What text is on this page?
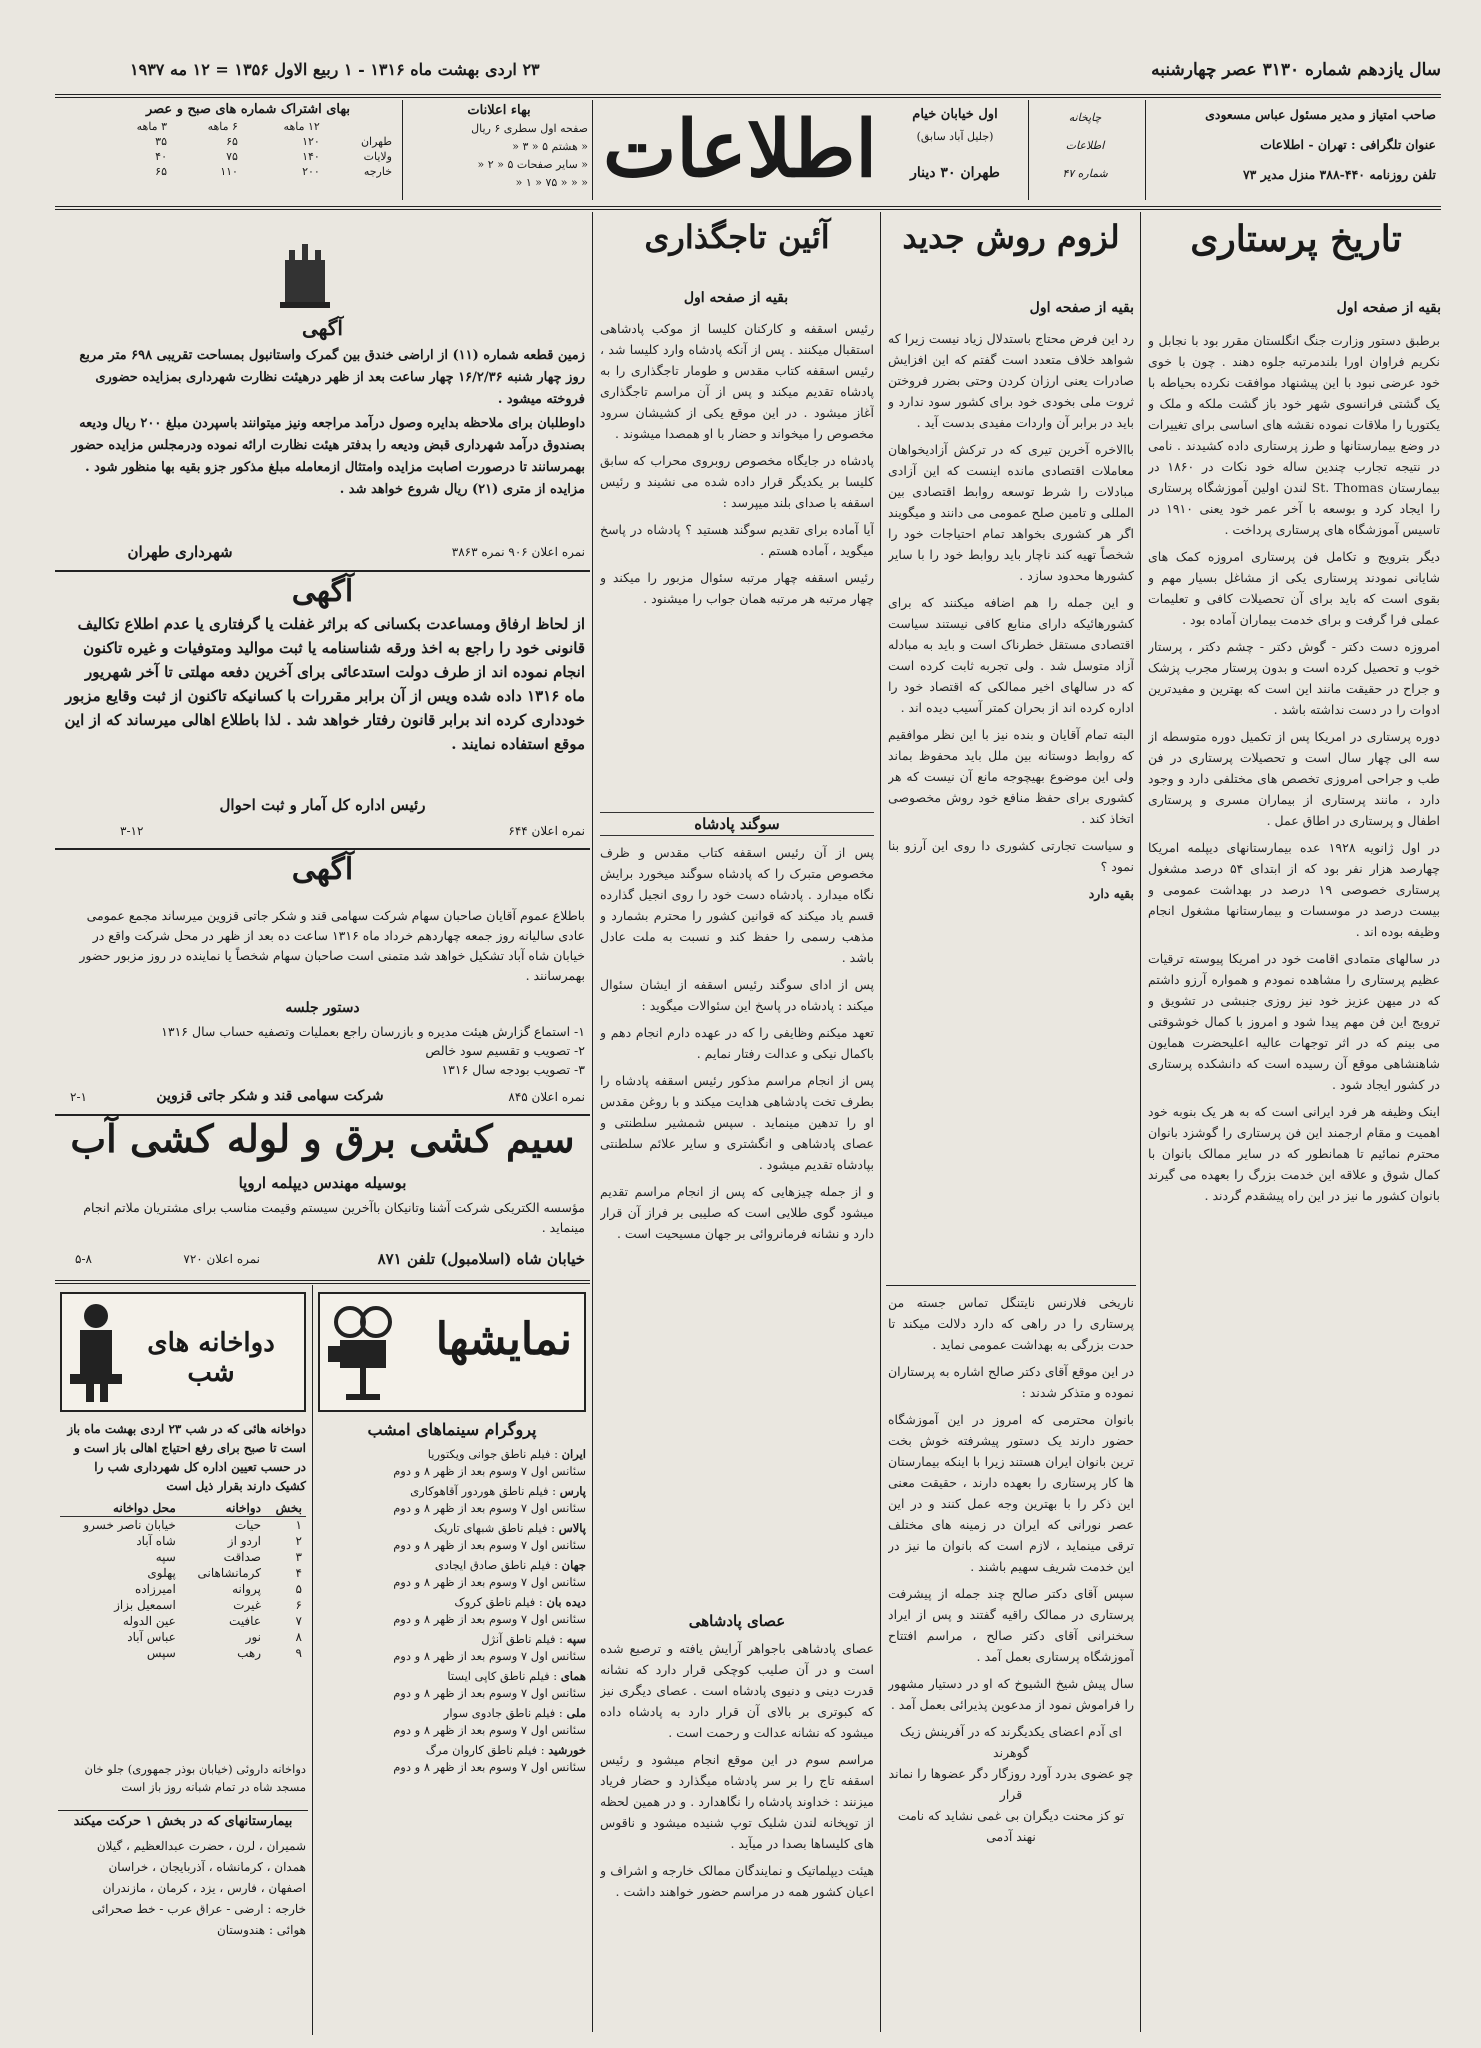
سال یازدهم شماره ۳۱۳۰ عصر چهارشنبه
۲۳ اردی بهشت ماه ۱۳۱۶ - ۱ ربیع الاول ۱۳۵۶ = ۱۲ مه ۱۹۳۷
صاحب امتیاز و مدیر مسئول عباس مسعودی
عنوان تلگرافی : تهران - اطلاعات
تلفن روزنامه ۴۴۰-۳۸۸ منزل مدیر ۷۳
چاپخانه
اطلاعات
شماره ۴۷
اول خیابان خیام
(جلیل آباد سابق)
طهران ۳۰ دینار
اطلاعات
بهاء اعلانات
صفحه اول سطری ۶ ریال
« هشتم ۵ « ۳ «
« سایر صفحات ۵ « ۲ «
« « « ۷۵ « ۱ «
بهای اشتراک شماره های صبح و عصر
	۱۲ ماهه	۶ ماهه	۳ ماهه
طهران	۱۲۰	۶۵	۳۵
ولایات	۱۴۰	۷۵	۴۰
خارجه	۲۰۰	۱۱۰	۶۵
تاریخ پرستاری
بقیه از صفحه اول

برطبق دستور وزارت جنگ انگلستان مقرر بود با نجابل و نکریم فراوان اورا بلندمرتبه جلوه دهند . چون با خوی خود عرضی نبود با این پیشنهاد موافقت نکرده بحیاطه با یک گشتی فرانسوی شهر خود باز گشت ملکه و ملک و یکتوریا را ملاقات نموده نقشه های اساسی برای تغییرات در وضع بیمارستانها و طرز پرستاری داده کشیدند . نامی در نتیجه تجارب چندین ساله خود نکات در ۱۸۶۰ در بیمارستان St. Thomas لندن اولین آموزشگاه پرستاری را ایجاد کرد و بوسعه با آخر عمر خود یعنی ۱۹۱۰ در تاسیس آموزشگاه های پرستاری پرداخت .

دیگر بترویج و تکامل فن پرستاری امروزه کمک های شایانی نمودند پرستاری یکی از مشاغل بسیار مهم و بقوی است که باید برای آن تحصیلات کافی و تعلیمات عملی فرا گرفت و برای خدمت بیماران آماده بود .

امروزه دست دکتر - گوش دکتر - چشم دکتر ، پرستار خوب و تحصیل کرده است و بدون پرستار مجرب پزشک و جراح در حقیقت مانند این است که بهترین و مفیدترین ادوات را در دست نداشته باشد .

دوره پرستاری در امریکا پس از تکمیل دوره متوسطه از سه الی چهار سال است و تحصیلات پرستاری در فن طب و جراحی امروزی تخصص های مختلفی دارد و وجود دارد ، مانند پرستاری از بیماران مسری و پرستاری اطفال و پرستاری در اطاق عمل .

در اول ژانویه ۱۹۲۸ عده بیمارستانهای دیپلمه امریکا چهارصد هزار نفر بود که از ابتدای ۵۴ درصد مشغول پرستاری خصوصی ۱۹ درصد در بهداشت عمومی و بیست درصد در موسسات و بیمارستانها مشغول انجام وظیفه بوده اند .

در سالهای متمادی اقامت خود در امریکا پیوسته ترقیات عظیم پرستاری را مشاهده نمودم و همواره آرزو داشتم که در میهن عزیز خود نیز روزی جنبشی در تشویق و ترویج این فن مهم پیدا شود و امروز با کمال خوشوقتی می بینم که در اثر توجهات عالیه اعلیحضرت همایون شاهنشاهی موقع آن رسیده است که دانشکده پرستاری در کشور ایجاد شود .

اینک وظیفه هر فرد ایرانی است که به هر یک بنوبه خود اهمیت و مقام ارجمند این فن پرستاری را گوشزد بانوان محترم نمائیم تا همانطور که در سایر ممالک بانوان با کمال شوق و علاقه این خدمت بزرگ را بعهده می گیرند بانوان کشور ما نیز در این راه پیشقدم گردند .

لزوم روش جدید
بقیه از صفحه اول

رد این فرض محتاج باستدلال زیاد نیست زیرا که شواهد خلاف متعدد است گفتم که این افزایش صادرات یعنی ارزان کردن وحتی بضرر فروختن ثروت ملی بخودی خود برای کشور سود ندارد و باید در برابر آن واردات مفیدی بدست آید .

باالاخره آخرین تیری که در ترکش آزادیخواهان معاملات اقتصادی مانده اینست که این آزادی مبادلات را شرط توسعه روابط اقتصادی بین المللی و تامین صلح عمومی می دانند و میگویند اگر هر کشوری بخواهد تمام احتیاجات خود را شخصاً تهیه کند ناچار باید روابط خود را با سایر کشورها محدود سازد .

و این جمله را هم اضافه میکنند که برای کشورهائیکه دارای منابع کافی نیستند سیاست اقتصادی مستقل خطرناک است و باید به مبادله آزاد متوسل شد . ولی تجربه ثابت کرده است که در سالهای اخیر ممالکی که اقتصاد خود را اداره کرده اند از بحران کمتر آسیب دیده اند .

البته تمام آقایان و بنده نیز با این نظر موافقیم که روابط دوستانه بین ملل باید محفوظ بماند ولی این موضوع بهیچوجه مانع آن نیست که هر کشوری برای حفظ منافع خود روش مخصوصی اتخاذ کند .

و سیاست تجارتی کشوری دا روی این آرزو بنا نمود ؟

بقیه دارد

ناریخی فلارنس نایتنگل تماس جسته من پرستاری را در راهی که دارد دلالت میکند تا حدت بزرگی به بهداشت عمومی نماید .

در این موقع آقای دکتر صالح اشاره به پرستاران نموده و متذکر شدند :

بانوان محترمی که امروز در این آموزشگاه حضور دارند یک دستور پیشرفته خوش بخت ترین بانوان ایران هستند زیرا با اینکه بیمارستان ها کار پرستاری را بعهده دارند ، حقیقت معنی این ذکر را با بهترین وجه عمل کنند و در این عصر نورانی که ایران در زمینه های مختلف ترقی مینماید ، لازم است که بانوان ما نیز در این خدمت شریف سهیم باشند .

سپس آقای دکتر صالح چند جمله از پیشرفت پرستاری در ممالک راقیه گفتند و پس از ایراد سخنرانی آقای دکتر صالح ، مراسم افتتاح آموزشگاه پرستاری بعمل آمد .

سال پیش شیخ الشیوخ که او در دستیار مشهور را فراموش نمود از مدعوین پذیرائی بعمل آمد .

ای آدم اعضای یکدیگرند که در آفرینش زیک گوهرند

چو عضوی بدرد آورد روزگار دگر عضوها را نماند قرار

تو کز محنت دیگران بی غمی نشاید که نامت نهند آدمی

آئین تاجگذاری
بقیه از صفحه اول

رئیس اسقفه و کارکنان کلیسا از موکب پادشاهی استقبال میکنند . پس از آنکه پادشاه وارد کلیسا شد ، رئیس اسقفه کتاب مقدس و طومار تاجگذاری را به پادشاه تقدیم میکند و پس از آن مراسم تاجگذاری آغاز میشود . در این موقع یکی از کشیشان سرود مخصوص را میخواند و حضار با او همصدا میشوند .

پادشاه در جایگاه مخصوص روبروی محراب که سابق کلیسا بر یکدیگر قرار داده شده می نشیند و رئیس اسقفه با صدای بلند میپرسد :

آیا آماده برای تقدیم سوگند هستید ؟ پادشاه در پاسخ میگوید ، آماده هستم .

رئیس اسقفه چهار مرتبه سئوال مزبور را میکند و چهار مرتبه هر مرتبه همان جواب را میشنود .

سوگند پادشاه

پس از آن رئیس اسقفه کتاب مقدس و ظرف مخصوص متبرک را که پادشاه سوگند میخورد برایش نگاه میدارد . پادشاه دست خود را روی انجیل گذارده قسم یاد میکند که قوانین کشور را محترم بشمارد و مذهب رسمی را حفظ کند و نسبت به ملت عادل باشد .

پس از ادای سوگند رئیس اسقفه از ایشان سئوال میکند : پادشاه در پاسخ این سئوالات میگوید :

تعهد میکنم وظایفی را که در عهده دارم انجام دهم و باکمال نیکی و عدالت رفتار نمایم .

پس از انجام مراسم مذکور رئیس اسقفه پادشاه را بطرف تخت پادشاهی هدایت میکند و با روغن مقدس او را تدهین مینماید . سپس شمشیر سلطنتی و عصای پادشاهی و انگشتری و سایر علائم سلطنتی بپادشاه تقدیم میشود .

و از جمله چیزهایی که پس از انجام مراسم تقدیم میشود گوی طلایی است که صلیبی بر فراز آن قرار دارد و نشانه فرمانروائی بر جهان مسیحیت است .

عصای پادشاهی

عصای پادشاهی باجواهر آرایش یافته و ترصیع شده است و در آن صلیب کوچکی قرار دارد که نشانه قدرت دینی و دنیوی پادشاه است . عصای دیگری نیز که کبوتری بر بالای آن قرار دارد به پادشاه داده میشود که نشانه عدالت و رحمت است .

مراسم سوم در این موقع انجام میشود و رئیس اسقفه تاج را بر سر پادشاه میگذارد و حضار فریاد میزنند : خداوند پادشاه را نگاهدارد . و در همین لحظه از توپخانه لندن شلیک توپ شنیده میشود و ناقوس های کلیساها بصدا در میآید .

هیئت دیپلماتیک و نمایندگان ممالک خارجه و اشراف و اعیان کشور همه در مراسم حضور خواهند داشت .

آگهی

زمین قطعه شماره (۱۱) از اراضی خندق بین گمرک واستانبول بمساحت تقریبی ۶۹۸ متر مربع روز چهار شنبه ۱۶/۲/۳۶ چهار ساعت بعد از ظهر درهیئت نظارت شهرداری بمزایده حضوری فروخته میشود .

داوطلبان برای ملاحظه بدایره وصول درآمد مراجعه ونیز میتوانند باسپردن مبلغ ۲۰۰ ریال ودیعه بصندوق درآمد شهرداری قبض ودیعه را بدفتر هیئت نظارت ارائه نموده ودرمجلس مزایده حضور بهمرسانند تا درصورت اصابت مزایده وامتثال ازمعامله مبلغ مذکور جزو بقیه بها منظور شود . مزایده از متری (۲۱) ریال شروع خواهد شد .

نمره اعلان ۹۰۶ نمره ۳۸۶۳
شهرداری طهران
آگهی
از لحاظ ارفاق ومساعدت بکسانی که براثر غفلت یا گرفتاری یا عدم اطلاع تکالیف قانونی خود را راجع به اخذ ورقه شناسنامه یا ثبت موالید ومتوفیات و غیره تاکنون انجام نموده اند از طرف دولت استدعائی برای آخرین دفعه مهلتی تا آخر شهریور ماه ۱۳۱۶ داده شده ویس از آن برابر مقررات با کسانیکه تاکنون از ثبت وقایع مزبور خودداری کرده اند برابر قانون رفتار خواهد شد . لذا باطلاع اهالی میرساند که از این موقع استفاده نمایند .
رئیس اداره کل آمار و ثبت احوال
نمره اعلان ۶۴۴
۳-۱۲
آگهی
باطلاع عموم آقایان صاحبان سهام شرکت سهامی قند و شکر جاتی قزوین میرساند مجمع عمومی عادی سالیانه روز جمعه چهاردهم خرداد ماه ۱۳۱۶ ساعت ده بعد از ظهر در محل شرکت واقع در خیابان شاه آباد تشکیل خواهد شد متمنی است صاحبان سهام شخصاً یا نماینده در روز مزبور حضور بهمرسانند .
دستور جلسه
۱- استماع گزارش هیئت مدیره و بازرسان راجع بعملیات وتصفیه حساب سال ۱۳۱۶
۲- تصویب و تقسیم سود خالص
۳- تصویب بودجه سال ۱۳۱۶
نمره اعلان ۸۴۵
شرکت سهامی قند و شکر جاتی قزوین
۲-۱
سیم کشی برق و لوله کشی آب
بوسیله مهندس دیپلمه اروپا
مؤسسه الکتریکی شرکت آشنا وتانیکان باآخرین سیستم وقیمت مناسب برای مشتریان ملاتم انجام مینماید .
خیابان شاه (اسلامبول) تلفن ۸۷۱
نمره اعلان ۷۲۰
۵-۸
نمایشها
پروگرام سینماهای امشب
ایران : فیلم ناطق جوانی ویکتوریا
سئانس اول ۷ وسوم بعد از ظهر ۸ و دوم
پارس : فیلم ناطق هوردور آقاهوکاری
سئانس اول ۷ وسوم بعد از ظهر ۸ و دوم
پالاس : فیلم ناطق شبهای تاریک
سئانس اول ۷ وسوم بعد از ظهر ۸ و دوم
جهان : فیلم ناطق صادق ایجادی
سئانس اول ۷ وسوم بعد از ظهر ۸ و دوم
دیده بان : فیلم ناطق کروک
سئانس اول ۷ وسوم بعد از ظهر ۸ و دوم
سپه : فیلم ناطق آنژل
سئانس اول ۷ وسوم بعد از ظهر ۸ و دوم
همای : فیلم ناطق کاپی ایستا
سئانس اول ۷ وسوم بعد از ظهر ۸ و دوم
ملی : فیلم ناطق جادوی سوار
سئانس اول ۷ وسوم بعد از ظهر ۸ و دوم
خورشید : فیلم ناطق کاروان مرگ
سئانس اول ۷ وسوم بعد از ظهر ۸ و دوم
دواخانه های شب
دواخانه هائی که در شب ۲۳ اردی بهشت ماه باز است تا صبح برای رفع احتیاج اهالی باز است و در حسب تعیین اداره کل شهرداری شب را کشیک دارند بقرار ذیل است
بخش	دواخانه	محل دواخانه
۱	حیات	خیابان ناصر خسرو
۲	اردو از	شاه آباد
۳	صداقت	سپه
۴	کرمانشاهانی	پهلوی
۵	پروانه	امیرزاده
۶	غیرت	اسمعیل بزاز
۷	عافیت	عین الدوله
۸	نور	عباس آباد
۹	رهب	سپس
دواخانه داروئی (خیابان بوذر جمهوری) جلو خان مسجد شاه در تمام شبانه روز باز است
بیمارستانهای که در بخش ۱ حرکت میکند
شمیران ، لرن ، حضرت عبدالعظیم ، گیلان
همدان ، کرمانشاه ، آذربایجان ، خراسان
اصفهان ، فارس ، یزد ، کرمان ، مازندران
خارجه : ارضی - عراق عرب - خط صحرائی
هوائی : هندوستان
